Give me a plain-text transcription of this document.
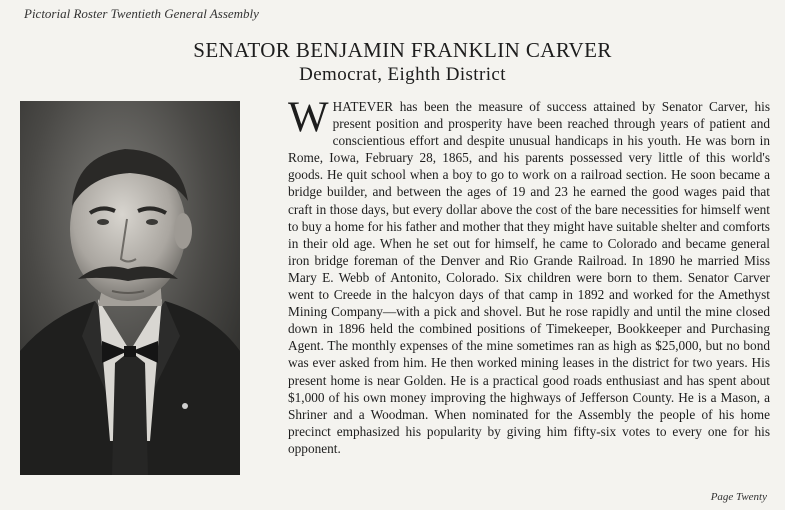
Pictorial Roster Twentieth General Assembly
SENATOR BENJAMIN FRANKLIN CARVER
Democrat, Eighth District
WHATEVER has been the measure of success attained by Senator Carver, his present position and prosperity have been reached through years of patient and conscientious effort and despite unusual handicaps in his youth. He was born in Rome, Iowa, February 28, 1865, and his parents possessed very little of this world's goods. He quit school when a boy to go to work on a railroad section. He soon became a bridge builder, and between the ages of 19 and 23 he earned the good wages paid that craft in those days, but every dollar above the cost of the bare necessities for himself went to buy a home for his father and mother that they might have suitable shelter and comforts in their old age. When he set out for himself, he came to Colorado and became general iron bridge foreman of the Denver and Rio Grande Railroad. In 1890 he married Miss Mary E. Webb of Antonito, Colorado. Six children were born to them. Senator Carver went to Creede in the halcyon days of that camp in 1892 and worked for the Amethyst Mining Company—with a pick and shovel. But he rose rapidly and until the mine closed down in 1896 held the combined positions of Timekeeper, Bookkeeper and Purchasing Agent. The monthly expenses of the mine sometimes ran as high as $25,000, but no bond was ever asked from him. He then worked mining leases in the district for two years. His present home is near Golden. He is a practical good roads enthusiast and has spent about $1,000 of his own money improving the highways of Jefferson County. He is a Mason, a Shriner and a Woodman. When nominated for the Assembly the people of his home precinct emphasized his popularity by giving him fifty-six votes to every one for his opponent.
Page Twenty
